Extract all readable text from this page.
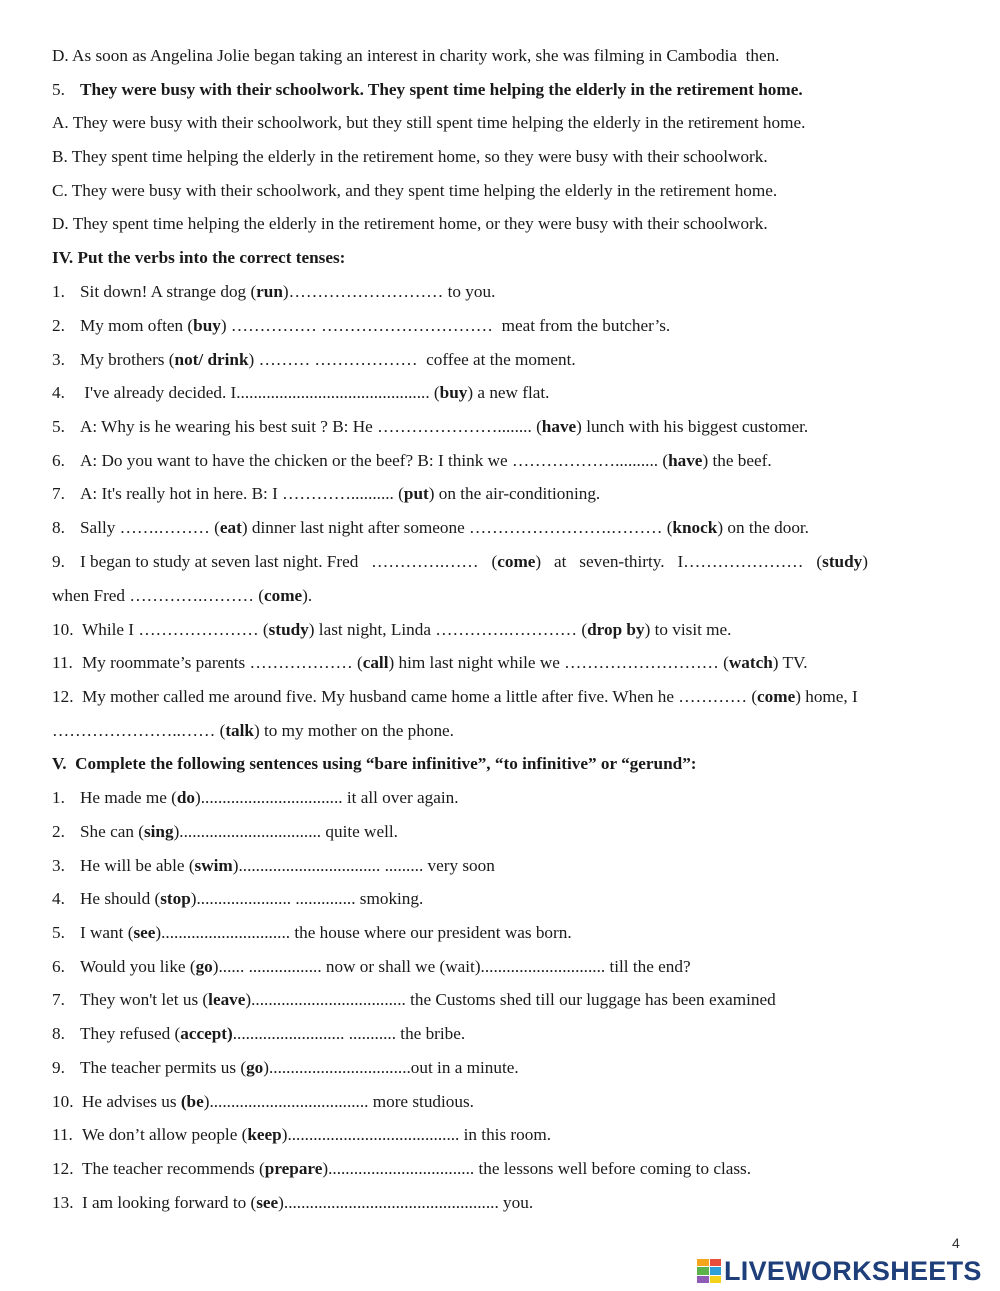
D. As soon as Angelina Jolie began taking an interest in charity work, she was filming in Cambodia  then.
5. They were busy with their schoolwork. They spent time helping the elderly in the retirement home.
A. They were busy with their schoolwork, but they still spent time helping the elderly in the retirement home.
B. They spent time helping the elderly in the retirement home, so they were busy with their schoolwork.
C. They were busy with their schoolwork, and they spent time helping the elderly in the retirement home.
D. They spent time helping the elderly in the retirement home, or they were busy with their schoolwork.
IV. Put the verbs into the correct tenses:
1. Sit down! A strange dog (run)……………………… to you.
2. My mom often (buy) …………… …………………………  meat from the butcher’s.
3. My brothers (not/ drink) ……… ………………  coffee at the moment.
4. I've already decided. I............................................. (buy) a new flat.
5. A: Why is he wearing his best suit ? B: He …………………........ (have) lunch with his biggest customer.
6. A: Do you want to have the chicken or the beef? B: I think we ……………….......... (have) the beef.
7. A: It's really hot in here. B: I ………….......... (put) on the air-conditioning.
8. Sally …….……… (eat) dinner last night after someone …………………….……… (knock) on the door.
9. I began to study at seven last night. Fred   ………….……   (come)   at   seven-thirty.   I…………………   (study)
when Fred ………….……… (come).
10. While I ………………… (study) last night, Linda ………….………… (drop by) to visit me.
11. My roommate’s parents ……………… (call) him last night while we ……………………… (watch) TV.
12. My mother called me around five. My husband came home a little after five. When he ………… (come) home, I
…………………..…… (talk) to my mother on the phone.
V.  Complete the following sentences using “bare infinitive”, “to infinitive” or “gerund”:
1. He made me (do)................................. it all over again.
2. She can (sing)................................. quite well.
3. He will be able (swim)................................. ......... very soon
4. He should (stop)...................... .............. smoking.
5. I want (see).............................. the house where our president was born.
6. Would you like (go)...... ................. now or shall we (wait)............................. till the end?
7. They won't let us (leave).................................... the Customs shed till our luggage has been examined
8. They refused (accept).......................... ........... the bribe.
9. The teacher permits us (go).................................out in a minute.
10. He advises us (be)..................................... more studious.
11. We don’t allow people (keep)........................................ in this room.
12. The teacher recommends (prepare).................................. the lessons well before coming to class.
13. I am looking forward to (see).................................................. you.
4
LIVEWORKSHEETS
